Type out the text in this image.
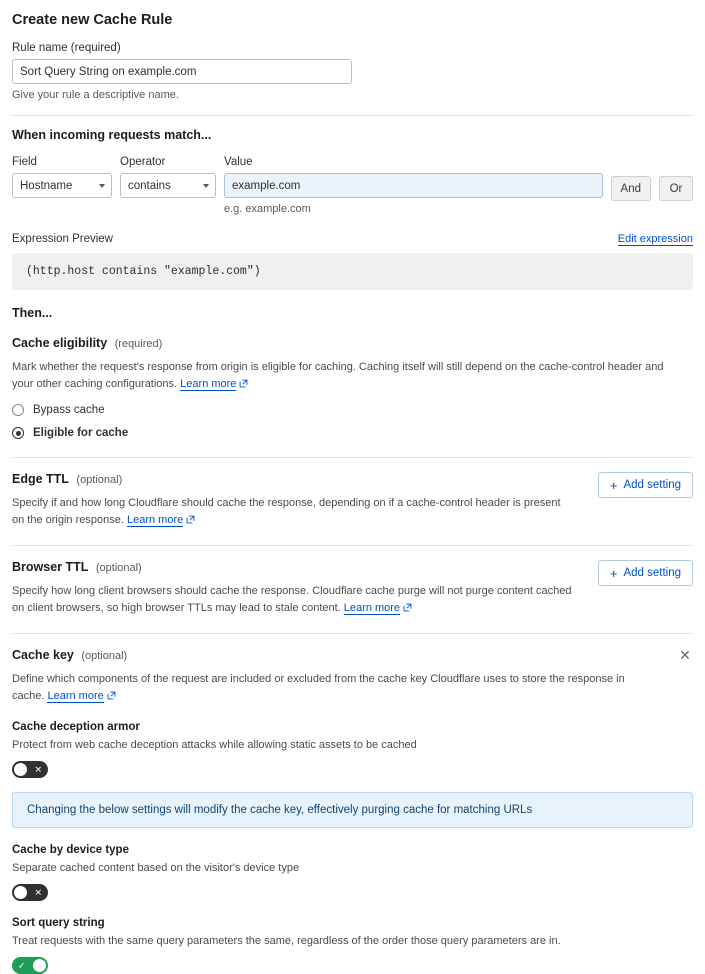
Create new Cache Rule
Rule name (required)
Sort Query String on example.com
Give your rule a descriptive name.
When incoming requests match...
Field
Hostname
Operator
contains
Value
example.com
e.g. example.com
And	Or
Expression Preview	Edit expression
(http.host contains "example.com")
Then...
Cache eligibility (required)
Mark whether the request's response from origin is eligible for caching. Caching itself will still depend on the cache-control header and your other caching configurations. Learn more
Bypass cache
Eligible for cache
Edge TTL (optional)
Specify if and how long Cloudflare should cache the response, depending on if a cache-control header is present on the origin response. Learn more
+ Add setting
Browser TTL (optional)
Specify how long client browsers should cache the response. Cloudflare cache purge will not purge content cached on client browsers, so high browser TTLs may lead to stale content. Learn more
+ Add setting
Cache key (optional)
Define which components of the request are included or excluded from the cache key Cloudflare uses to store the response in cache. Learn more
✕
Cache deception armor
Protect from web cache deception attacks while allowing static assets to be cached
✕
Changing the below settings will modify the cache key, effectively purging cache for matching URLs
Cache by device type
Separate cached content based on the visitor's device type
✕
Sort query string
Treat requests with the same query parameters the same, regardless of the order those query parameters are in.
✓
